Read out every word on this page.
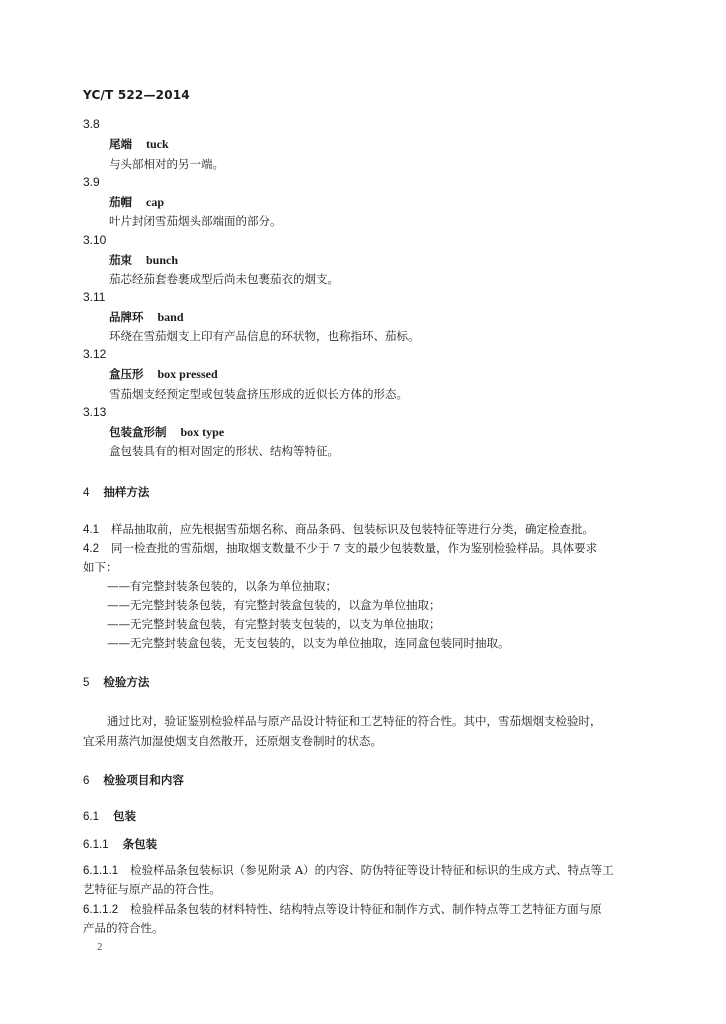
YC/T 522—2014
3.8
尾端 tuck
与头部相对的另一端。
3.9
茄帽 cap
叶片封闭雪茄烟头部端面的部分。
3.10
茄束 bunch
茄芯经茄套卷裹成型后尚未包裹茄衣的烟支。
3.11
品牌环 band
环绕在雪茄烟支上印有产品信息的环状物，也称指环、茄标。
3.12
盒压形 box pressed
雪茄烟支经预定型或包装盒挤压形成的近似长方体的形态。
3.13
包装盒形制 box type
盒包装具有的相对固定的形状、结构等特征。
4 抽样方法
4.1 样品抽取前，应先根据雪茄烟名称、商品条码、包装标识及包装特征等进行分类，确定检查批。
4.2 同一检查批的雪茄烟，抽取烟支数量不少于 7 支的最少包装数量，作为鉴别检验样品。具体要求
如下：
——有完整封装条包装的，以条为单位抽取；
——无完整封装条包装，有完整封装盒包装的，以盒为单位抽取；
——无完整封装盒包装，有完整封装支包装的，以支为单位抽取；
——无完整封装盒包装，无支包装的，以支为单位抽取，连同盒包装同时抽取。
5 检验方法
通过比对，验证鉴别检验样品与原产品设计特征和工艺特征的符合性。其中，雪茄烟烟支检验时，
宜采用蒸汽加湿使烟支自然散开，还原烟支卷制时的状态。
6 检验项目和内容
6.1 包装
6.1.1 条包装
6.1.1.1 检验样品条包装标识（参见附录 A）的内容、防伪特征等设计特征和标识的生成方式、特点等工
艺特征与原产品的符合性。
6.1.1.2 检验样品条包装的材料特性、结构特点等设计特征和制作方式、制作特点等工艺特征方面与原
产品的符合性。
2
